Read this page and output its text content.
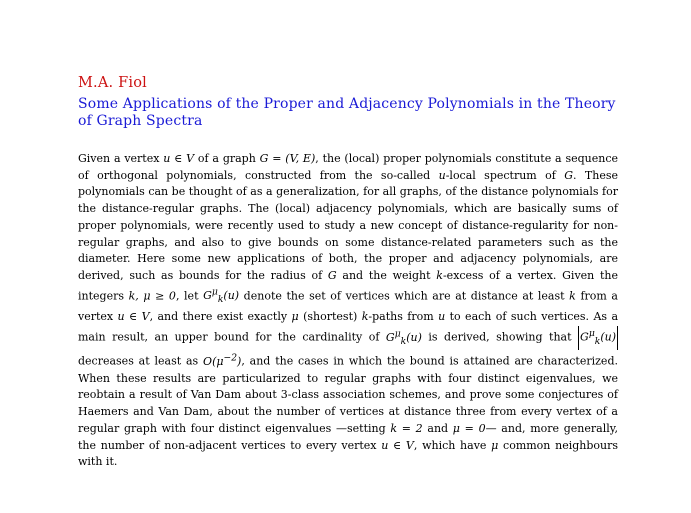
M.A. Fiol
Some Applications of the Proper and Adjacency Polynomials in the Theory of Graph Spectra

Given a vertex u ∈ V of a graph G = (V, E), the (local) proper polynomials constitute a sequence of orthogonal polynomials, constructed from the so-called u-local spectrum of G. These polynomials can be thought of as a generalization, for all graphs, of the distance polynomials for the distance-regular graphs. The (local) adjacency polynomials, which are basically sums of proper polynomials, were recently used to study a new concept of distance-regularity for non-regular graphs, and also to give bounds on some distance-related parameters such as the diameter. Here some new applications of both, the proper and adjacency polynomials, are derived, such as bounds for the radius of G and the weight k-excess of a vertex. Given the integers k, μ ≥ 0, let $G^\mu_k(u)$ denote the set of vertices which are at distance at least k from a vertex u ∈ V, and there exist exactly μ (shortest) k-paths from u to each of such vertices. As a main result, an upper bound for the cardinality of $G^\mu_k(u)$ is derived, showing that $G^\mu_k(u)$ decreases at least as $O(\mu^{-2})$, and the cases in which the bound is attained are characterized. When these results are particularized to regular graphs with four distinct eigenvalues, we reobtain a result of Van Dam about 3-class association schemes, and prove some conjectures of Haemers and Van Dam, about the number of vertices at distance three from every vertex of a regular graph with four distinct eigenvalues —setting k = 2 and μ = 0— and, more generally, the number of non-adjacent vertices to every vertex u ∈ V, which have μ common neighbours with it.
